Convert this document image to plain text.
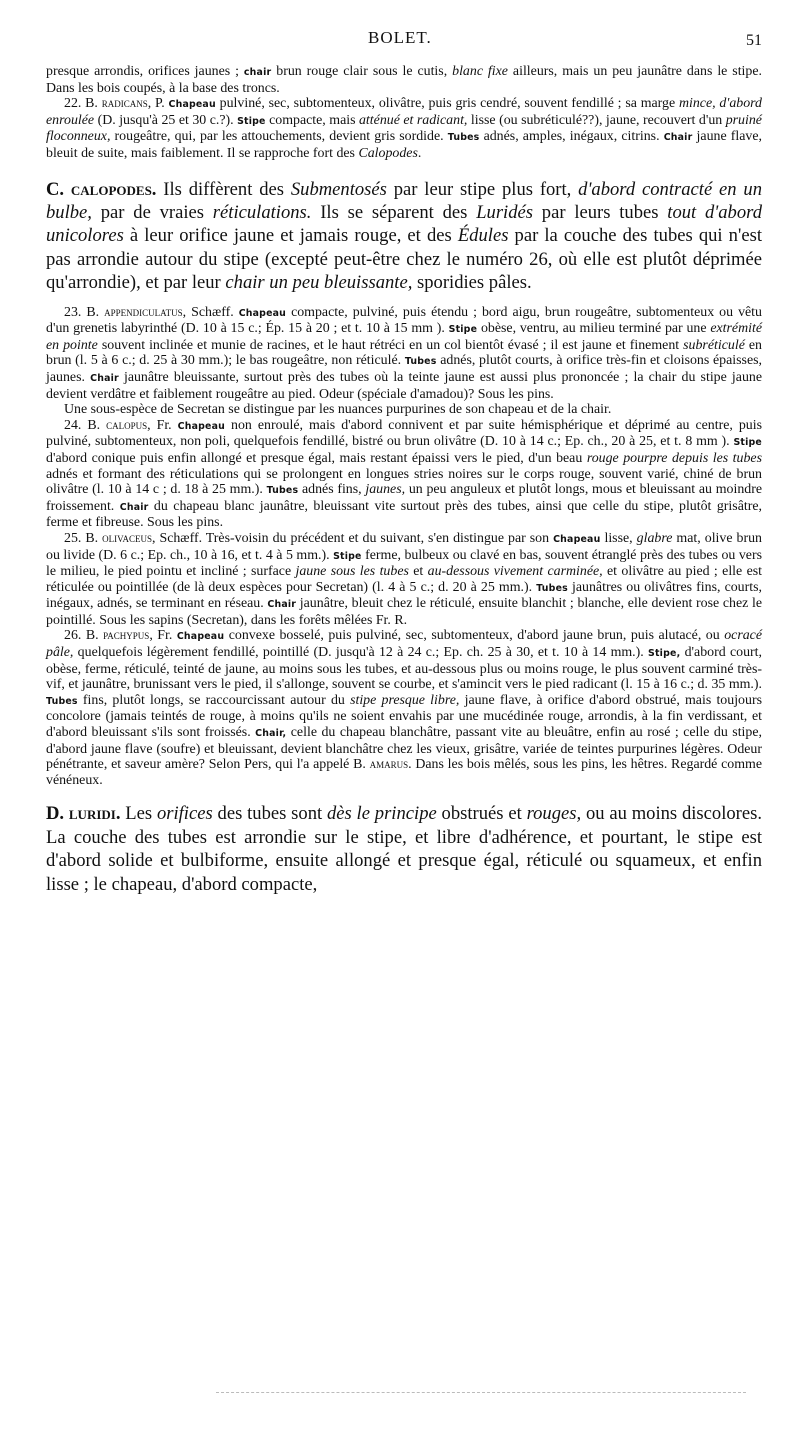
BOLET.	51

presque arrondis, orifices jaunes ; chair brun rouge clair sous le cutis, blanc fixe ailleurs, mais un peu jaunâtre dans le stipe. Dans les bois coupés, à la base des troncs.

22. B. radicans, P. Chapeau pulviné, sec, subtomenteux, olivâtre, puis gris cendré, souvent fendillé ; sa marge mince, d'abord enroulée (D. jusqu'à 25 et 30 c.?). Stipe compacte, mais atténué et radicant, lisse (ou subréticulé??), jaune, recouvert d'un pruiné floconneux, rougeâtre, qui, par les attouchements, devient gris sordide. Tubes adnés, amples, inégaux, citrins. Chair jaune flave, bleuit de suite, mais faiblement. Il se rapproche fort des Calopodes.

C. calopodes. Ils diffèrent des Submentosés par leur stipe plus fort, d'abord contracté en un bulbe, par de vraies réticulations. Ils se séparent des Luridés par leurs tubes tout d'abord unicolores à leur orifice jaune et jamais rouge, et des Édules par la couche des tubes qui n'est pas arrondie autour du stipe (excepté peut-être chez le numéro 26, où elle est plutôt déprimée qu'arrondie), et par leur chair un peu bleuissante, sporidies pâles.

23. B. appendiculatus, Schæff. Chapeau compacte, pulviné, puis étendu ; bord aigu, brun rougeâtre, subtomenteux ou vêtu d'un grenetis labyrinthé (D. 10 à 15 c.; Ép. 15 à 20 ; et t. 10 à 15 mm ). Stipe obèse, ventru, au milieu terminé par une extrémité en pointe souvent inclinée et munie de racines, et le haut rétréci en un col bientôt évasé ; il est jaune et finement subréticulé en brun (l. 5 à 6 c.; d. 25 à 30 mm.); le bas rougeâtre, non réticulé. Tubes adnés, plutôt courts, à orifice très-fin et cloisons épaisses, jaunes. Chair jaunâtre bleuissante, surtout près des tubes où la teinte jaune est aussi plus prononcée ; la chair du stipe jaune devient verdâtre et faiblement rougeâtre au pied. Odeur (spéciale d'amadou)? Sous les pins.

Une sous-espèce de Secretan se distingue par les nuances purpurines de son chapeau et de la chair.

24. B. calopus, Fr. Chapeau non enroulé, mais d'abord connivent et par suite hémisphérique et déprimé au centre, puis pulviné, subtomenteux, non poli, quelquefois fendillé, bistré ou brun olivâtre (D. 10 à 14 c.; Ep. ch., 20 à 25, et t. 8 mm ). Stipe d'abord conique puis enfin allongé et presque égal, mais restant épaissi vers le pied, d'un beau rouge pourpre depuis les tubes adnés et formant des réticulations qui se prolongent en longues stries noires sur le corps rouge, souvent varié, chiné de brun olivâtre (l. 10 à 14 c ; d. 18 à 25 mm.). Tubes adnés fins, jaunes, un peu anguleux et plutôt longs, mous et bleuissant au moindre froissement. Chair du chapeau blanc jaunâtre, bleuissant vite surtout près des tubes, ainsi que celle du stipe, plutôt grisâtre, ferme et fibreuse. Sous les pins.

25. B. olivaceus, Schæff. Très-voisin du précédent et du suivant, s'en distingue par son Chapeau lisse, glabre mat, olive brun ou livide (D. 6 c.; Ep. ch., 10 à 16, et t. 4 à 5 mm.). Stipe ferme, bulbeux ou clavé en bas, souvent étranglé près des tubes ou vers le milieu, le pied pointu et incliné ; surface jaune sous les tubes et au-dessous vivement carminée, et olivâtre au pied ; elle est réticulée ou pointillée (de là deux espèces pour Secretan) (l. 4 à 5 c.; d. 20 à 25 mm.). Tubes jaunâtres ou olivâtres fins, courts, inégaux, adnés, se terminant en réseau. Chair jaunâtre, bleuit chez le réticulé, ensuite blanchit ; blanche, elle devient rose chez le pointillé. Sous les sapins (Secretan), dans les forêts mêlées Fr. R.

26. B. pachypus, Fr. Chapeau convexe bosselé, puis pulviné, sec, subtomenteux, d'abord jaune brun, puis alutacé, ou ocracé pâle, quelquefois légèrement fendillé, pointillé (D. jusqu'à 12 à 24 c.; Ep. ch. 25 à 30, et t. 10 à 14 mm.). Stipe, d'abord court, obèse, ferme, réticulé, teinté de jaune, au moins sous les tubes, et au-dessous plus ou moins rouge, le plus souvent carminé très-vif, et jaunâtre, brunissant vers le pied, il s'allonge, souvent se courbe, et s'amincit vers le pied radicant (l. 15 à 16 c.; d. 35 mm.). Tubes fins, plutôt longs, se raccourcissant autour du stipe presque libre, jaune flave, à orifice d'abord obstrué, mais toujours concolore (jamais teintés de rouge, à moins qu'ils ne soient envahis par une mucédinée rouge, arrondis, à la fin verdissant, et d'abord bleuissant s'ils sont froissés. Chair, celle du chapeau blanchâtre, passant vite au bleuâtre, enfin au rosé ; celle du stipe, d'abord jaune flave (soufre) et bleuissant, devient blanchâtre chez les vieux, grisâtre, variée de teintes purpurines légères. Odeur pénétrante, et saveur amère? Selon Pers, qui l'a appelé B. amarus. Dans les bois mêlés, sous les pins, les hêtres. Regardé comme vénéneux.

D. luridi. Les orifices des tubes sont dès le principe obstrués et rouges, ou au moins discolores. La couche des tubes est arrondie sur le stipe, et libre d'adhérence, et pourtant, le stipe est d'abord solide et bulbiforme, ensuite allongé et presque égal, réticulé ou squameux, et enfin lisse ; le chapeau, d'abord compacte,
